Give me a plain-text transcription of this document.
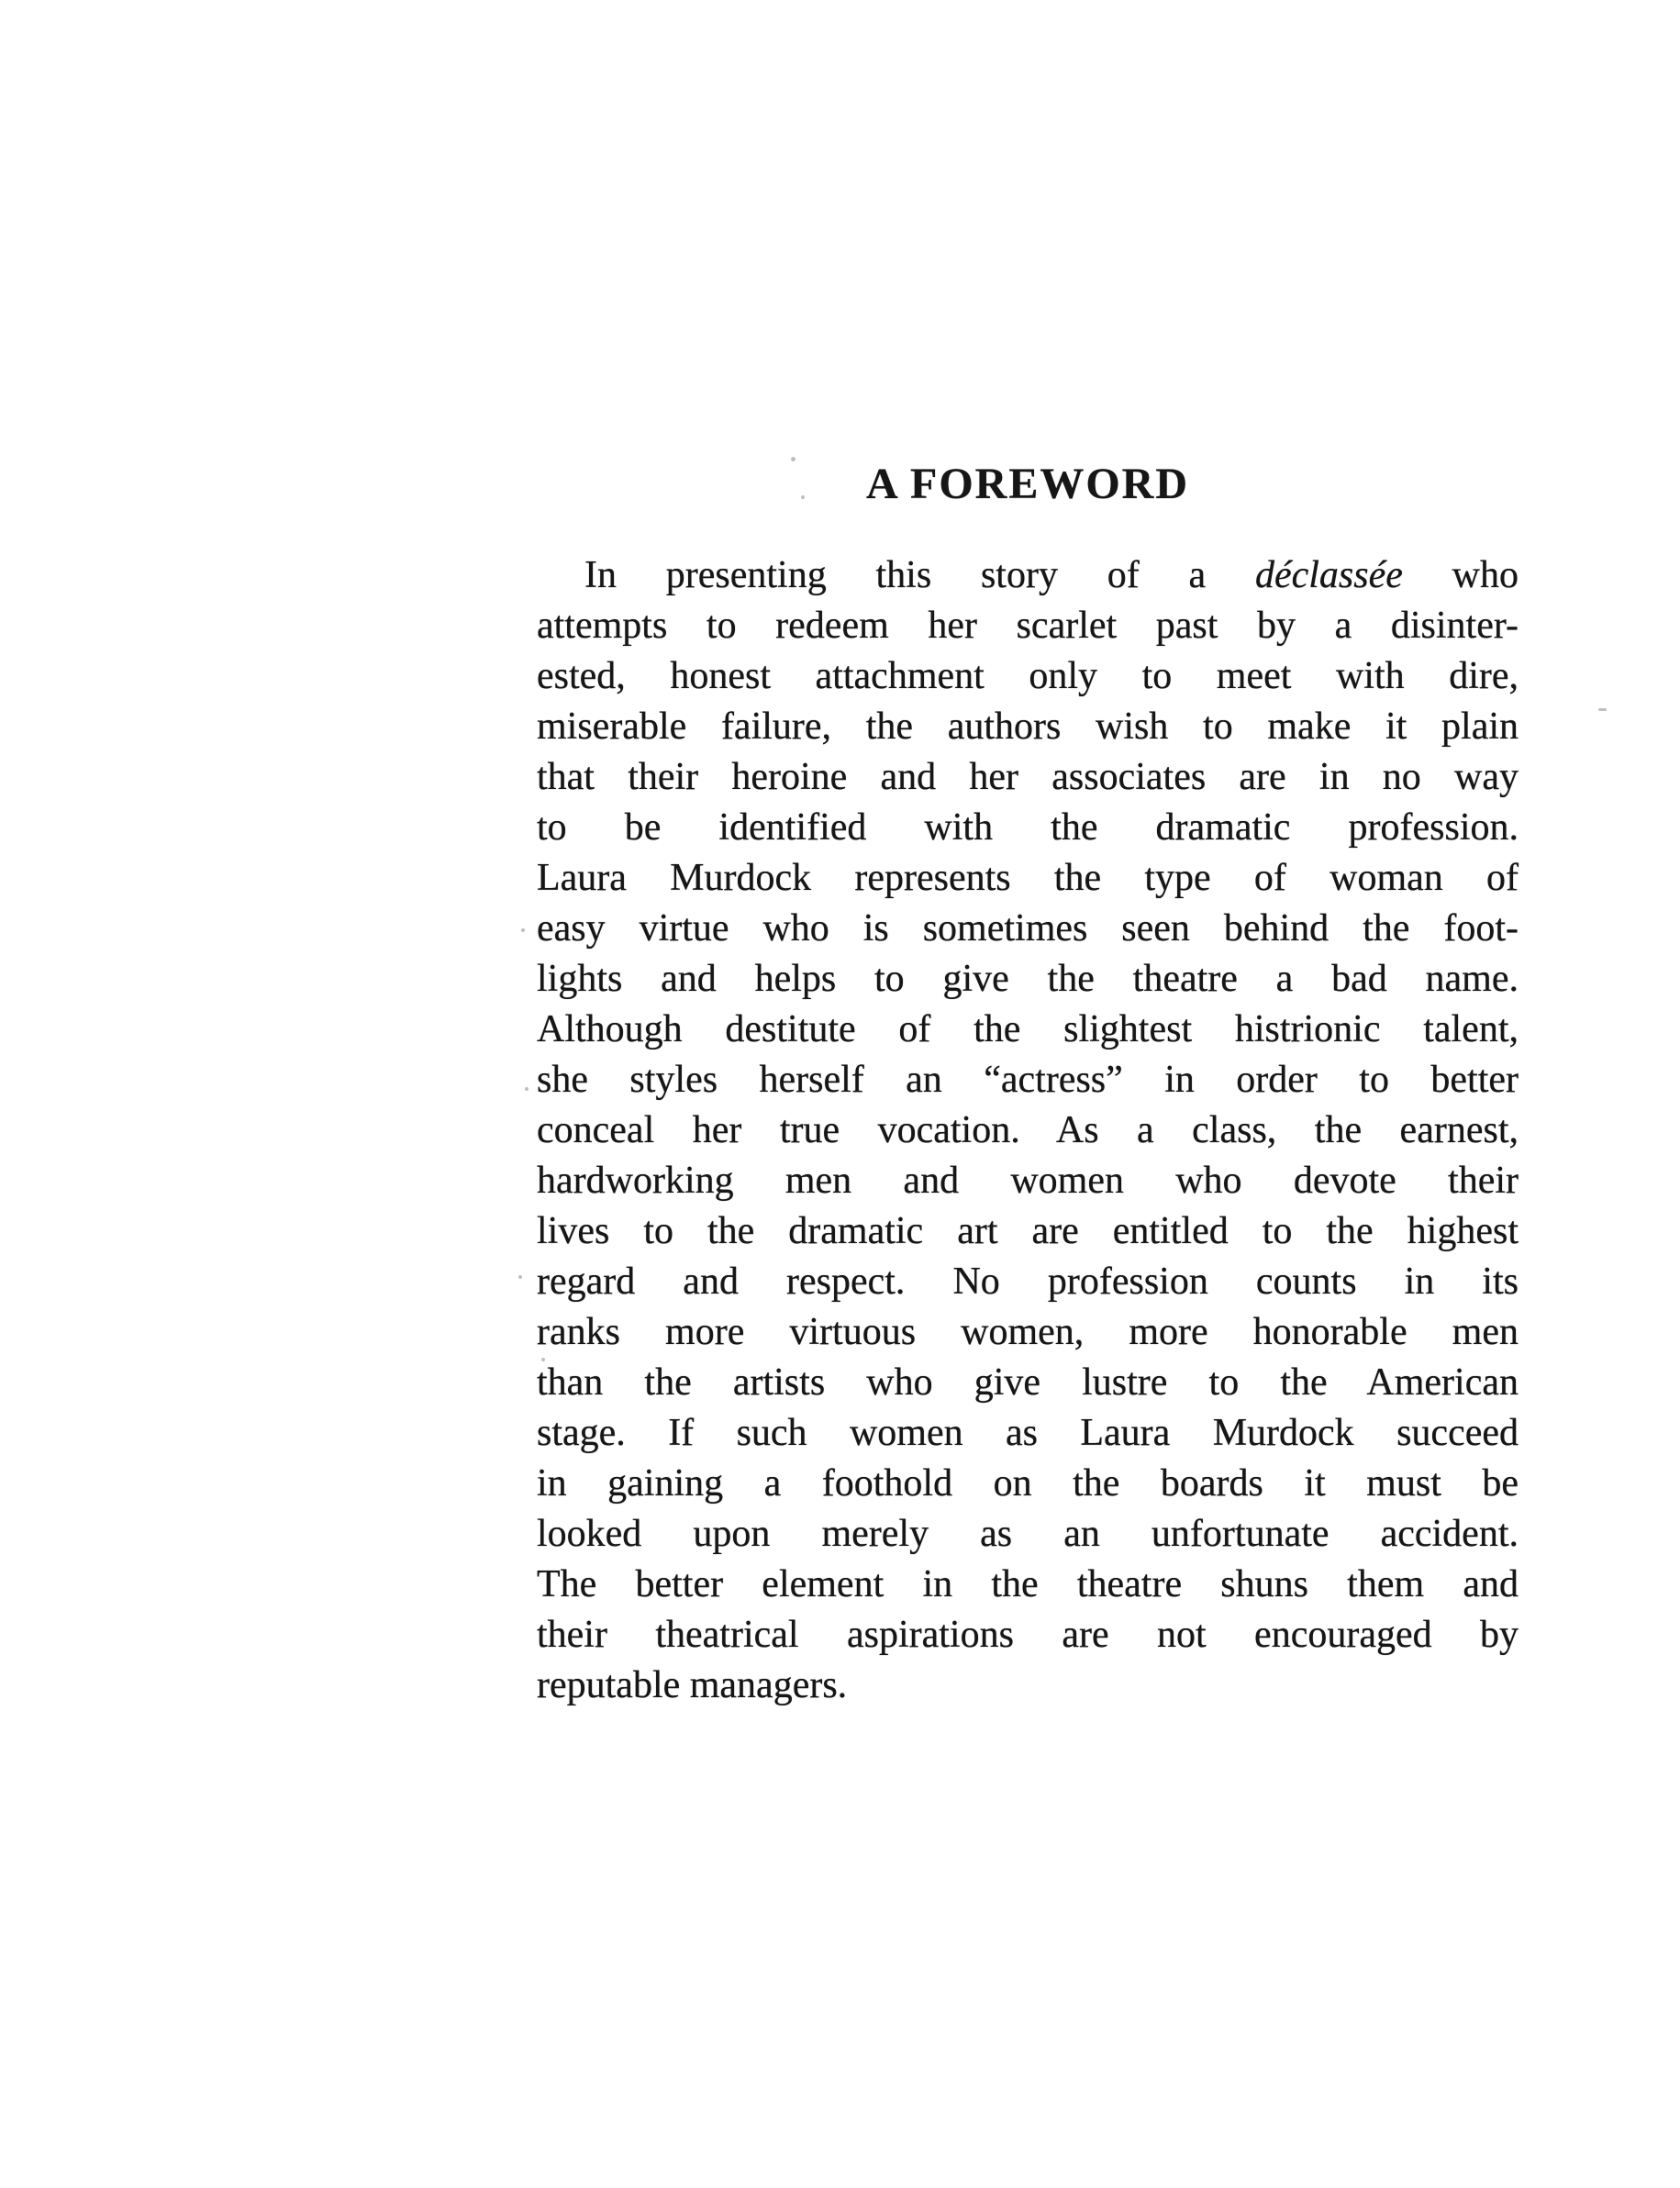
A FOREWORD
In presenting this story of a déclassée who
attempts to redeem her scarlet past by a disinter-
ested, honest attachment only to meet with dire,
miserable failure, the authors wish to make it plain
that their heroine and her associates are in no way
to be identified with the dramatic profession.
Laura Murdock represents the type of woman of
easy virtue who is sometimes seen behind the foot-
lights and helps to give the theatre a bad name.
Although destitute of the slightest histrionic talent,
she styles herself an “actress” in order to better
conceal her true vocation. As a class, the earnest,
hardworking men and women who devote their
lives to the dramatic art are entitled to the highest
regard and respect. No profession counts in its
ranks more virtuous women, more honorable men
than the artists who give lustre to the American
stage. If such women as Laura Murdock succeed
in gaining a foothold on the boards it must be
looked upon merely as an unfortunate accident.
The better element in the theatre shuns them and
their theatrical aspirations are not encouraged by
reputable managers.
